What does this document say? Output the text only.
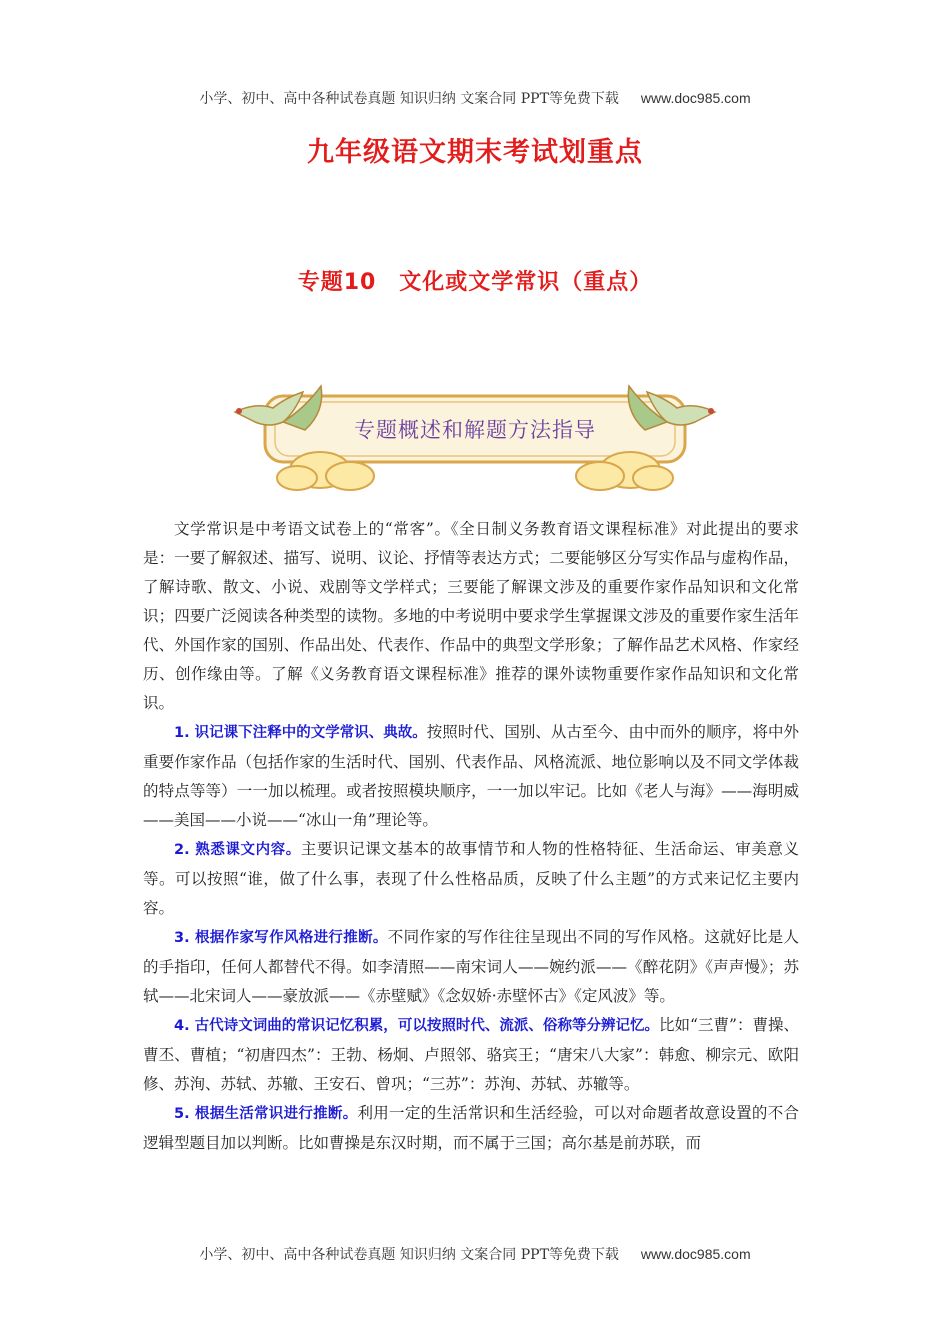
小学、初中、高中各种试卷真题 知识归纳 文案合同 PPT等免费下载 www.doc985.com
九年级语文期末考试划重点
专题10　文化或文学常识（重点）
专题概述和解题方法指导

文学常识是中考语文试卷上的“常客”。《全日制义务教育语文课程标准》对此提出的要求是：一要了解叙述、描写、说明、议论、抒情等表达方式；二要能够区分写实作品与虚构作品，了解诗歌、散文、小说、戏剧等文学样式；三要能了解课文涉及的重要作家作品知识和文化常识；四要广泛阅读各种类型的读物。多地的中考说明中要求学生掌握课文涉及的重要作家生活年代、外国作家的国别、作品出处、代表作、作品中的典型文学形象；了解作品艺术风格、作家经历、创作缘由等。了解《义务教育语文课程标准》推荐的课外读物重要作家作品知识和文化常识。

1. 识记课下注释中的文学常识、典故。按照时代、国别、从古至今、由中而外的顺序，将中外重要作家作品（包括作家的生活时代、国别、代表作品、风格流派、地位影响以及不同文学体裁的特点等等）一一加以梳理。或者按照模块顺序，一一加以牢记。比如《老人与海》——海明威——美国——小说——“冰山一角”理论等。

2. 熟悉课文内容。主要识记课文基本的故事情节和人物的性格特征、生活命运、审美意义等。可以按照“谁，做了什么事，表现了什么性格品质，反映了什么主题”的方式来记忆主要内容。

3. 根据作家写作风格进行推断。不同作家的写作往往呈现出不同的写作风格。这就好比是人的手指印，任何人都替代不得。如李清照——南宋词人——婉约派——《醉花阴》《声声慢》；苏轼——北宋词人——豪放派——《赤壁赋》《念奴娇·赤壁怀古》《定风波》等。

4. 古代诗文词曲的常识记忆积累，可以按照时代、流派、俗称等分辨记忆。比如“三曹”：曹操、曹丕、曹植；“初唐四杰”：王勃、杨炯、卢照邻、骆宾王；“唐宋八大家”：韩愈、柳宗元、欧阳修、苏洵、苏轼、苏辙、王安石、曾巩；“三苏”：苏洵、苏轼、苏辙等。

5. 根据生活常识进行推断。利用一定的生活常识和生活经验，可以对命题者故意设置的不合逻辑型题目加以判断。比如曹操是东汉时期，而不属于三国；高尔基是前苏联，而

小学、初中、高中各种试卷真题 知识归纳 文案合同 PPT等免费下载 www.doc985.com
